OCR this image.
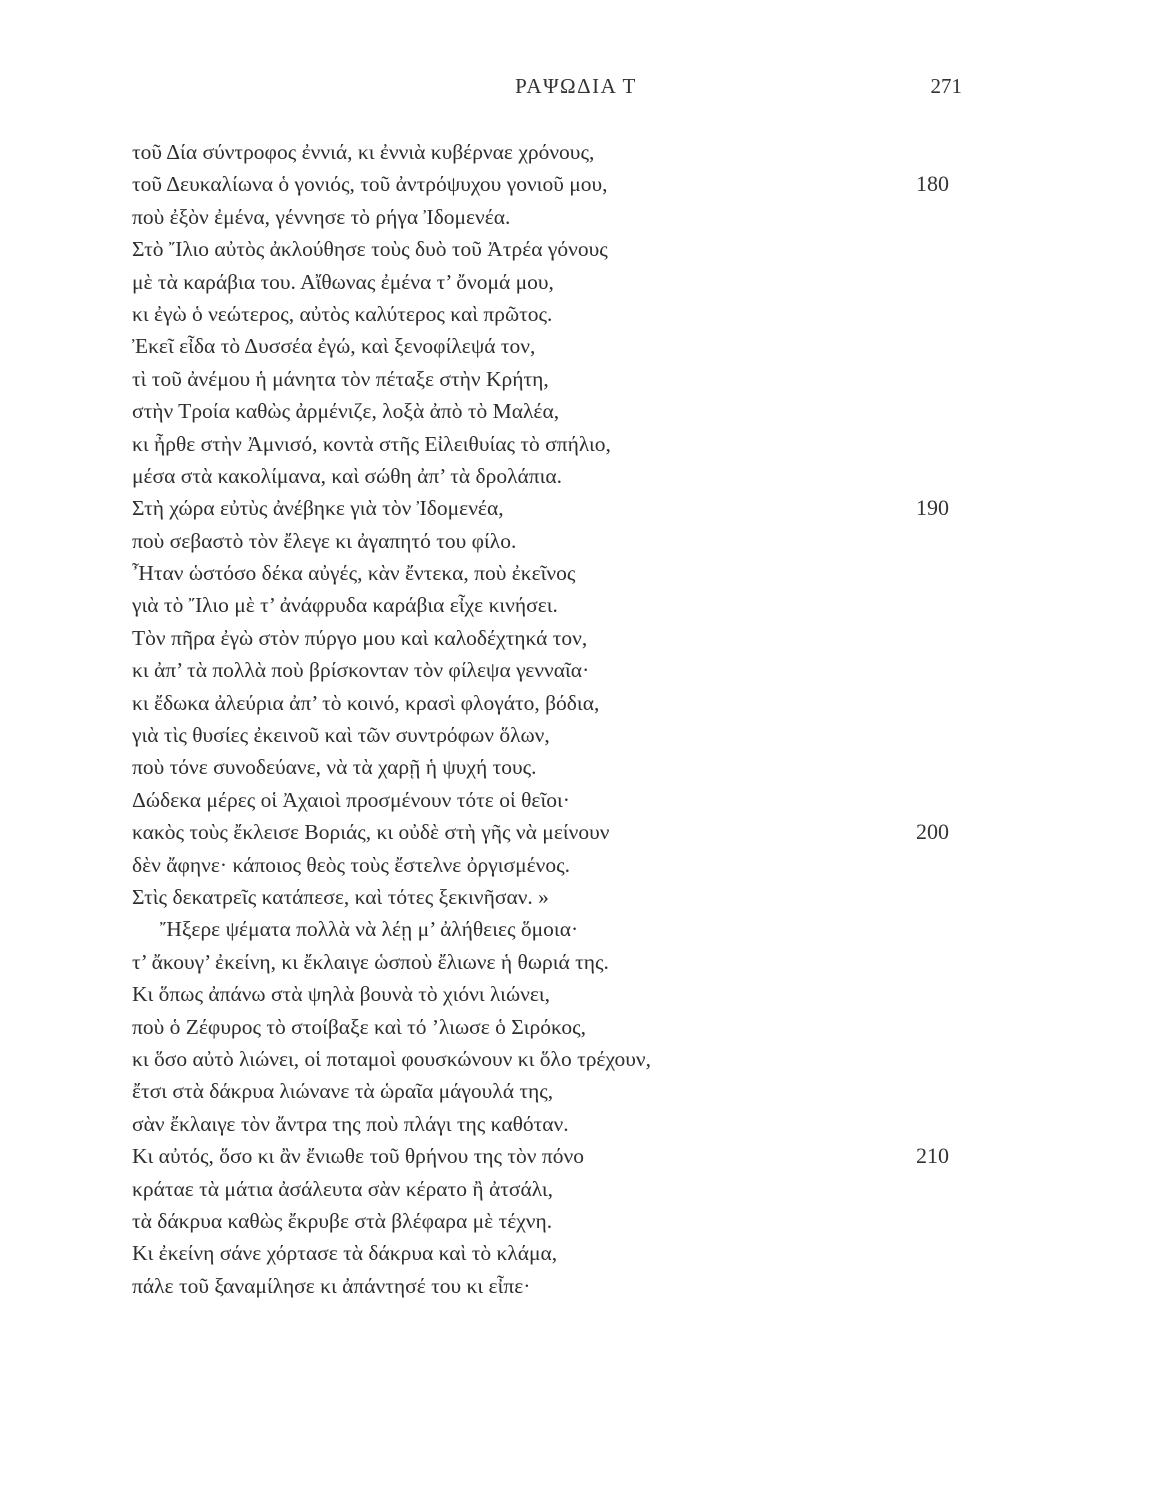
ΡΑΨΩΔΙΑ Τ	271
τοῦ Δία σύντροφος ἐννιά, κι ἐννιὰ κυβέρναε χρόνους,
τοῦ Δευκαλίωνα ὁ γονιός, τοῦ ἀντρόψυχου γονιοῦ μου,	180
ποὺ ἐξὸν ἐμένα, γέννησε τὸ ρήγα Ἰδομενέα.
Στὸ Ἴλιο αὐτὸς ἀκλούθησε τοὺς δυὸ τοῦ Ἀτρέα γόνους
μὲ τὰ καράβια του. Αἴθωνας ἐμένα τ’ ὄνομά μου,
κι ἐγὼ ὁ νεώτερος, αὐτὸς καλύτερος καὶ πρῶτος.
Ἐκεῖ εἶδα τὸ Δυσσέα ἐγώ, καὶ ξενοφίλεψά τον,
τὶ τοῦ ἀνέμου ἡ μάνητα τὸν πέταξε στὴν Κρήτη,
στὴν Τροία καθὼς ἀρμένιζε, λοξὰ ἀπὸ τὸ Μαλέα,
κι ἦρθε στὴν Ἀμνισό, κοντὰ στῆς Εἰλειθυίας τὸ σπήλιο,
μέσα στὰ κακολίμανα, καὶ σώθη ἀπ’ τὰ δρολάπια.
Στὴ χώρα εὐτὺς ἀνέβηκε γιὰ τὸν Ἰδομενέα,	190
ποὺ σεβαστὸ τὸν ἔλεγε κι ἀγαπητό του φίλο.
Ἦταν ὡστόσο δέκα αὐγές, κὰν ἔντεκα, ποὺ ἐκεῖνος
γιὰ τὸ Ἴλιο μὲ τ’ ἀνάφρυδα καράβια εἶχε κινήσει.
Τὸν πῆρα ἐγὼ στὸν πύργο μου καὶ καλοδέχτηκά τον,
κι ἀπ’ τὰ πολλὰ ποὺ βρίσκονταν τὸν φίλεψα γενναῖα·
κι ἔδωκα ἀλεύρια ἀπ’ τὸ κοινό, κρασὶ φλογάτο, βόδια,
γιὰ τὶς θυσίες ἐκεινοῦ καὶ τῶν συντρόφων ὅλων,
ποὺ τόνε συνοδεύανε, νὰ τὰ χαρῇ ἡ ψυχή τους.
Δώδεκα μέρες οἱ Ἀχαιοὶ προσμένουν τότε οἱ θεῖοι·
κακὸς τοὺς ἔκλεισε Βοριάς, κι οὐδὲ στὴ γῆς νὰ μείνουν	200
δὲν ἄφηνε· κάποιος θεὸς τοὺς ἔστελνε ὀργισμένος.
Στὶς δεκατρεῖς κατάπεσε, καὶ τότες ξεκινῆσαν. »
Ἤξερε ψέματα πολλὰ νὰ λέῃ μ’ ἀλήθειες ὅμοια·
τ’ ἄκουγ’ ἐκείνη, κι ἔκλαιγε ὡσποὺ ἔλιωνε ἡ θωριά της.
Κι ὅπως ἀπάνω στὰ ψηλὰ βουνὰ τὸ χιόνι λιώνει,
ποὺ ὁ Ζέφυρος τὸ στοίβαξε καὶ τό ’λιωσε ὁ Σιρόκος,
κι ὅσο αὐτὸ λιώνει, οἱ ποταμοὶ φουσκώνουν κι ὅλο τρέχουν,
ἔτσι στὰ δάκρυα λιώνανε τὰ ὡραῖα μάγουλά της,
σὰν ἔκλαιγε τὸν ἄντρα της ποὺ πλάγι της καθόταν.
Κι αὐτός, ὅσο κι ἂν ἔνιωθε τοῦ θρήνου της τὸν πόνο	210
κράταε τὰ μάτια ἀσάλευτα σὰν κέρατο ἢ ἀτσάλι,
τὰ δάκρυα καθὼς ἔκρυβε στὰ βλέφαρα μὲ τέχνη.
Κι ἐκείνη σάνε χόρτασε τὰ δάκρυα καὶ τὸ κλάμα,
πάλε τοῦ ξαναμίλησε κι ἀπάντησέ του κι εἶπε·
